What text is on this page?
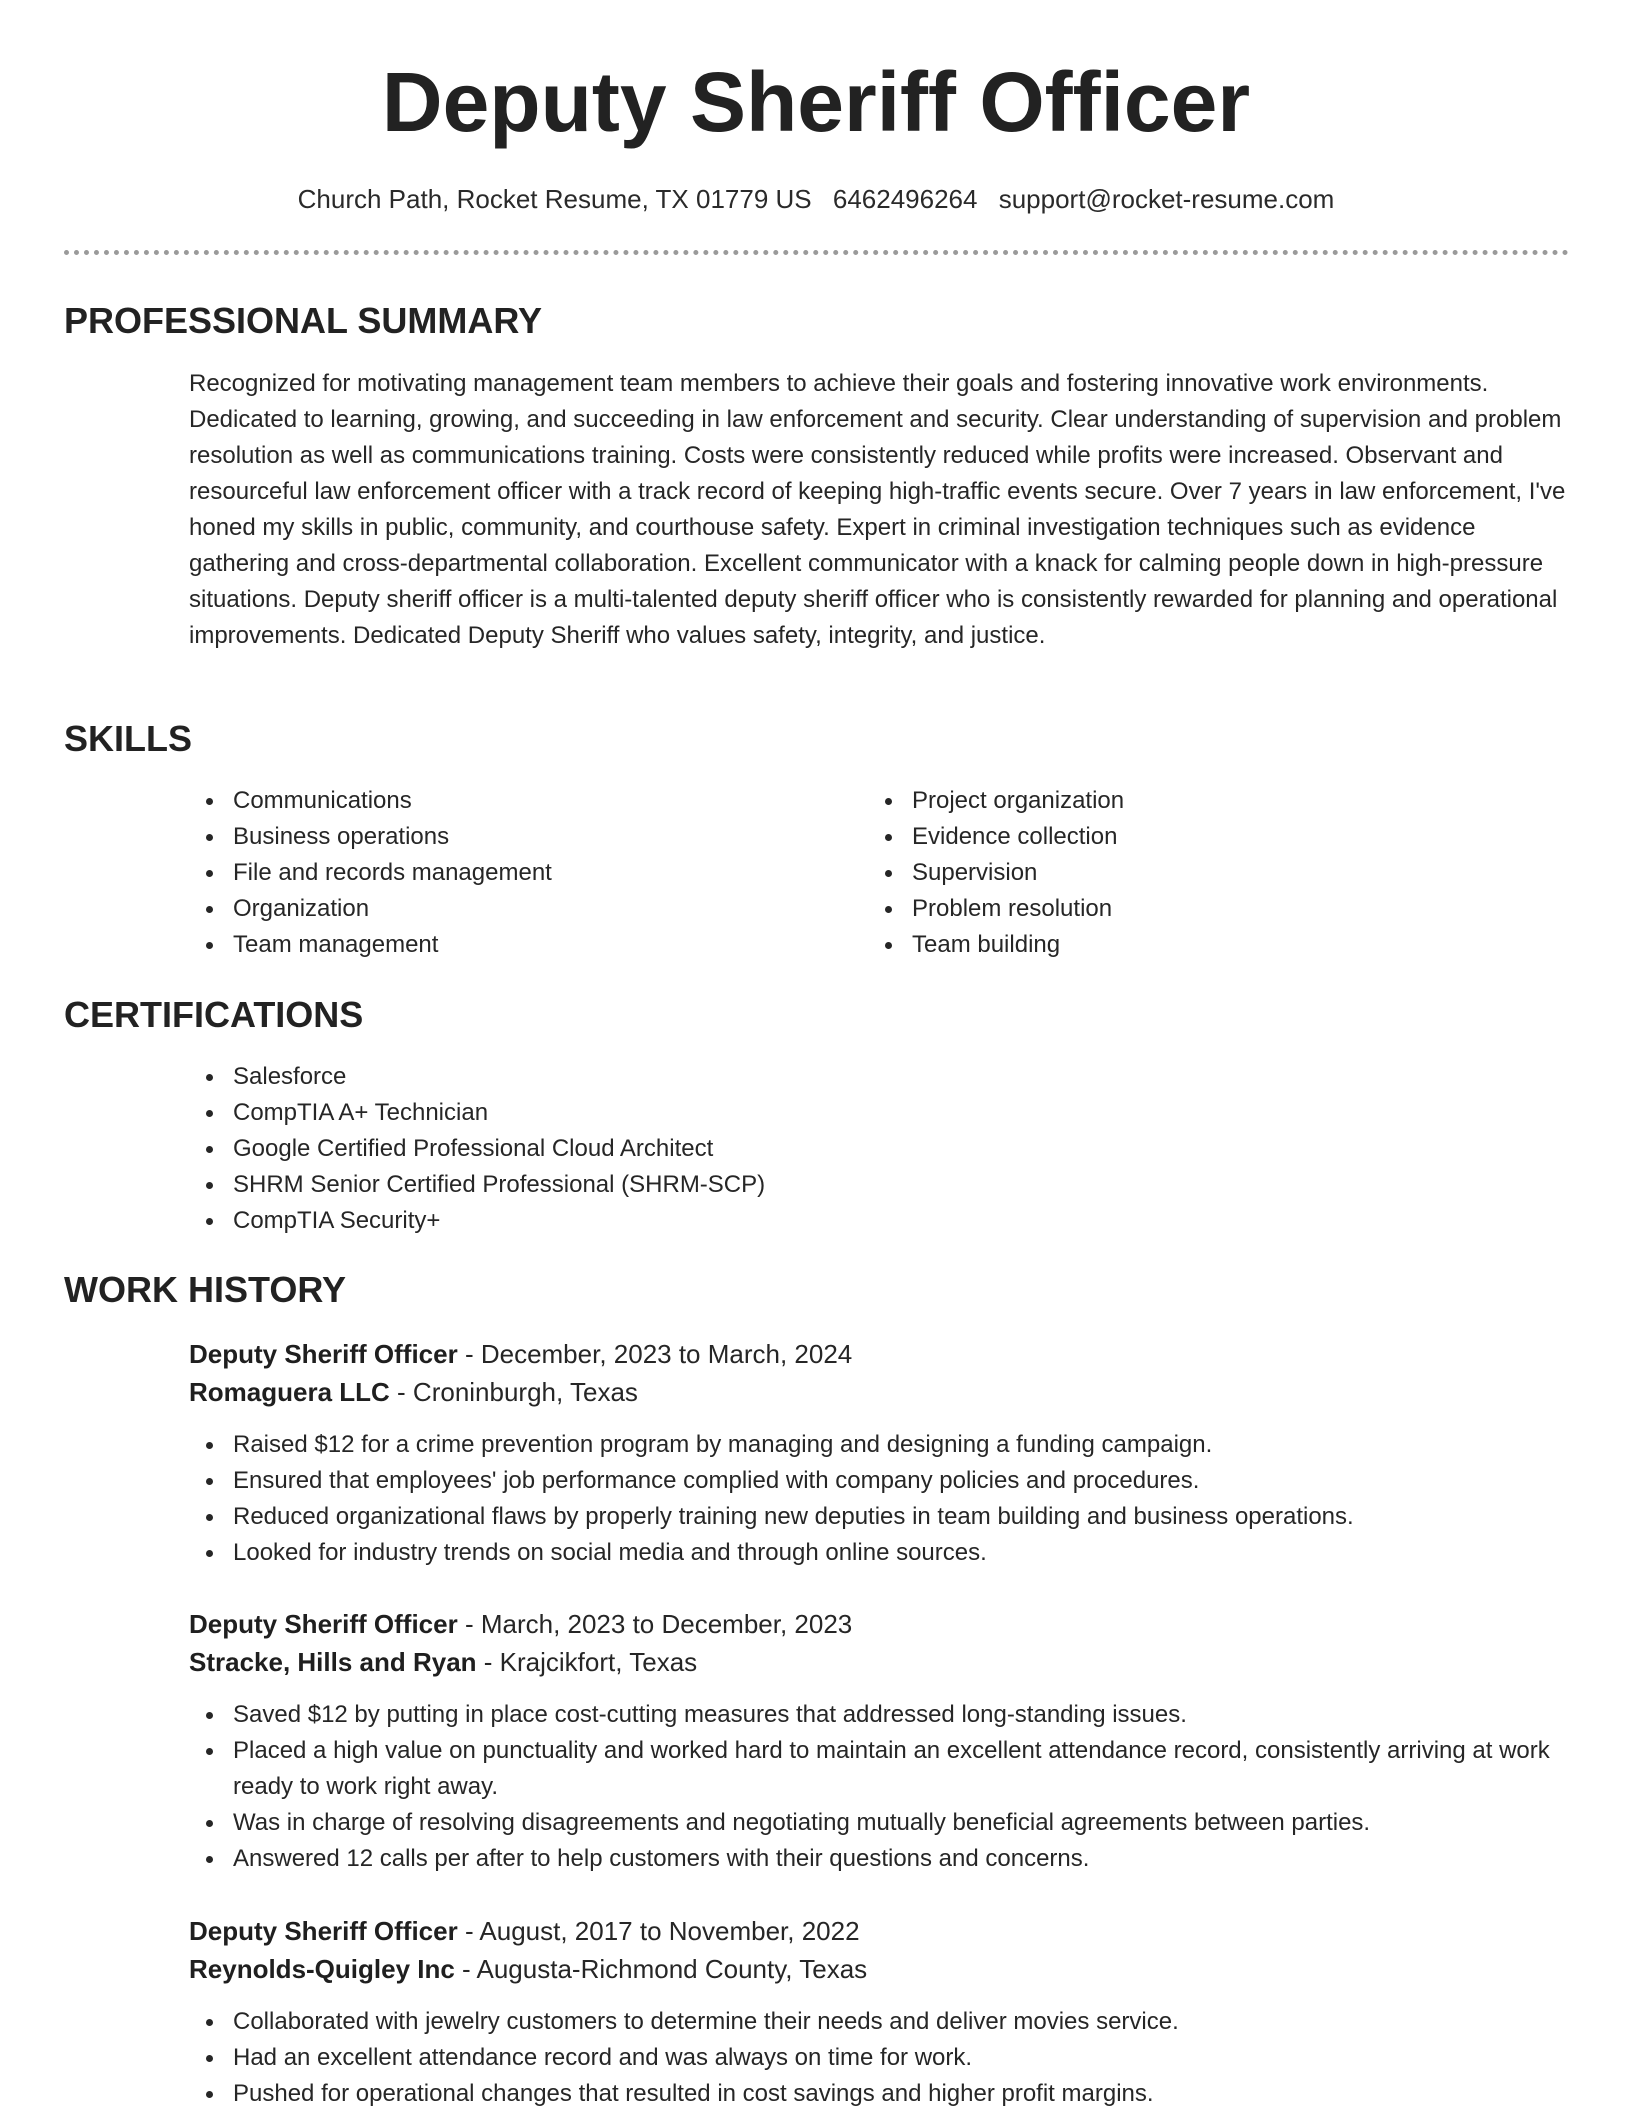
Deputy Sheriff Officer
Church Path, Rocket Resume, TX 01779 US 6462496264 support@rocket-resume.com
PROFESSIONAL SUMMARY

Recognized for motivating management team members to achieve their goals and fostering innovative work environments. Dedicated to learning, growing, and succeeding in law enforcement and security. Clear understanding of supervision and problem resolution as well as communications training. Costs were consistently reduced while profits were increased. Observant and resourceful law enforcement officer with a track record of keeping high-traffic events secure. Over 7 years in law enforcement, I've honed my skills in public, community, and courthouse safety. Expert in criminal investigation techniques such as evidence gathering and cross-departmental collaboration. Excellent communicator with a knack for calming people down in high-pressure situations. Deputy sheriff officer is a multi-talented deputy sheriff officer who is consistently rewarded for planning and operational improvements. Dedicated Deputy Sheriff who values safety, integrity, and justice.

SKILLS
Communications
Business operations
File and records management
Organization
Team management
Project organization
Evidence collection
Supervision
Problem resolution
Team building
CERTIFICATIONS
Salesforce
CompTIA A+ Technician
Google Certified Professional Cloud Architect
SHRM Senior Certified Professional (SHRM-SCP)
CompTIA Security+
WORK HISTORY

Deputy Sheriff Officer - December, 2023 to March, 2024

Romaguera LLC - Croninburgh, Texas

Raised $12 for a crime prevention program by managing and designing a funding campaign.
Ensured that employees' job performance complied with company policies and procedures.
Reduced organizational flaws by properly training new deputies in team building and business operations.
Looked for industry trends on social media and through online sources.

Deputy Sheriff Officer - March, 2023 to December, 2023

Stracke, Hills and Ryan - Krajcikfort, Texas

Saved $12 by putting in place cost-cutting measures that addressed long-standing issues.
Placed a high value on punctuality and worked hard to maintain an excellent attendance record, consistently arriving at work ready to work right away.
Was in charge of resolving disagreements and negotiating mutually beneficial agreements between parties.
Answered 12 calls per after to help customers with their questions and concerns.

Deputy Sheriff Officer - August, 2017 to November, 2022

Reynolds-Quigley Inc - Augusta-Richmond County, Texas

Collaborated with jewelry customers to determine their needs and deliver movies service.
Had an excellent attendance record and was always on time for work.
Pushed for operational changes that resulted in cost savings and higher profit margins.
